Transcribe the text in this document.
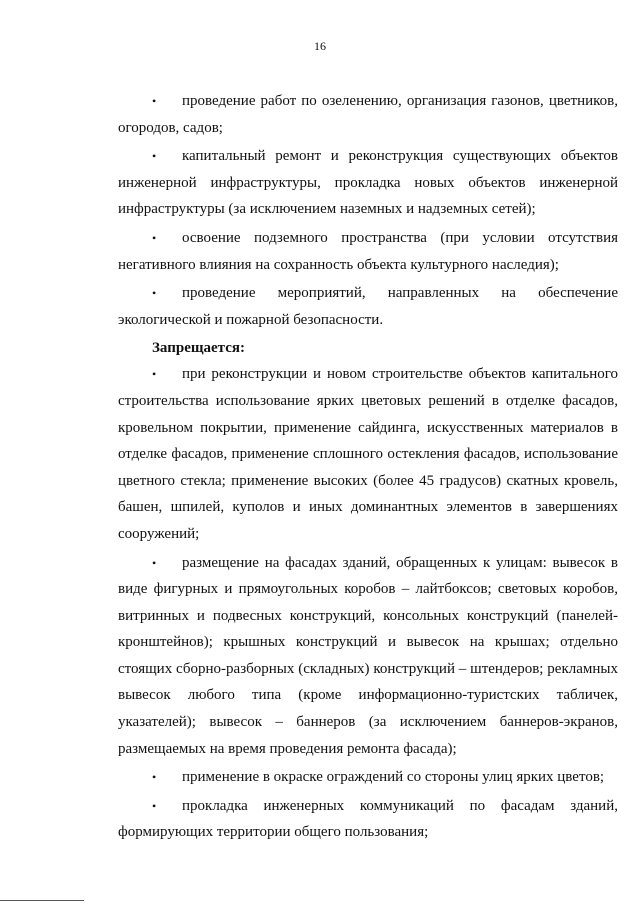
16

• проведение работ по озеленению, организация газонов, цветников, огородов, садов;

• капитальный ремонт и реконструкция существующих объектов инженерной инфраструктуры, прокладка новых объектов инженерной инфраструктуры (за исключением наземных и надземных сетей);

• освоение подземного пространства (при условии отсутствия негативного влияния на сохранность объекта культурного наследия);

• проведение мероприятий, направленных на обеспечение экологической и пожарной безопасности.

Запрещается:

• при реконструкции и новом строительстве объектов капитального строительства использование ярких цветовых решений в отделке фасадов, кровельном покрытии, применение сайдинга, искусственных материалов в отделке фасадов, применение сплошного остекления фасадов, использование цветного стекла; применение высоких (более 45 градусов) скатных кровель, башен, шпилей, куполов и иных доминантных элементов в завершениях сооружений;

• размещение на фасадах зданий, обращенных к улицам: вывесок в виде фигурных и прямоугольных коробов – лайтбоксов; световых коробов, витринных и подвесных конструкций, консольных конструкций (панелей-кронштейнов); крышных конструкций и вывесок на крышах; отдельно стоящих сборно-разборных (складных) конструкций – штендеров; рекламных вывесок любого типа (кроме информационно-туристских табличек, указателей); вывесок – баннеров (за исключением баннеров-экранов, размещаемых на время проведения ремонта фасада);

• применение в окраске ограждений со стороны улиц ярких цветов;

• прокладка инженерных коммуникаций по фасадам зданий, формирующих территории общего пользования;
